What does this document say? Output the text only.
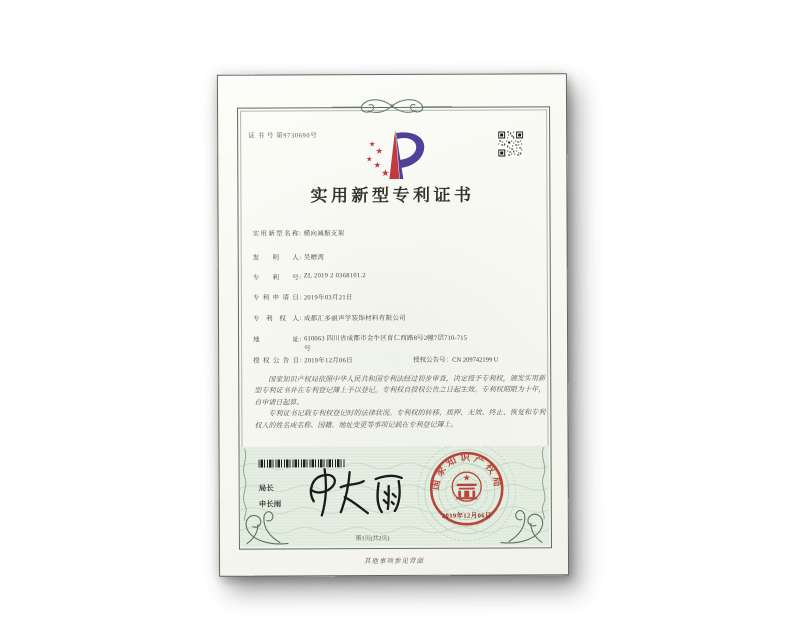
证 书 号 第9730690号
实用新型专利证书
实用新型名称：横向减振支架
发明人：吴赠湾
专利号：ZL 2019 2 0368101.2
专利申请日：2019年03月21日
专利权人：成都汇多丽声学装饰材料有限公司
地址：610063 四川省成都市金牛区育仁西路8号2幢7层710-715
号
授权公告日：2019年12月06日	授权公告号：CN 209742199 U

国家知识产权局依照中华人民共和国专利法经过初步审查，决定授予专利权，颁发实用新型专利证书并在专利登记簿上予以登记。专利权自授权公告之日起生效。专利权期限为十年，自申请日起算。

专利证书记载专利权登记时的法律状况。专利权的转移、质押、无效、终止、恢复和专利权人的姓名或名称、国籍、地址变更等事项记载在专利登记簿上。

局长
申长雨
国家知识产权局
2019年12月06日
第1页(共2页)
其他事项参见背面
